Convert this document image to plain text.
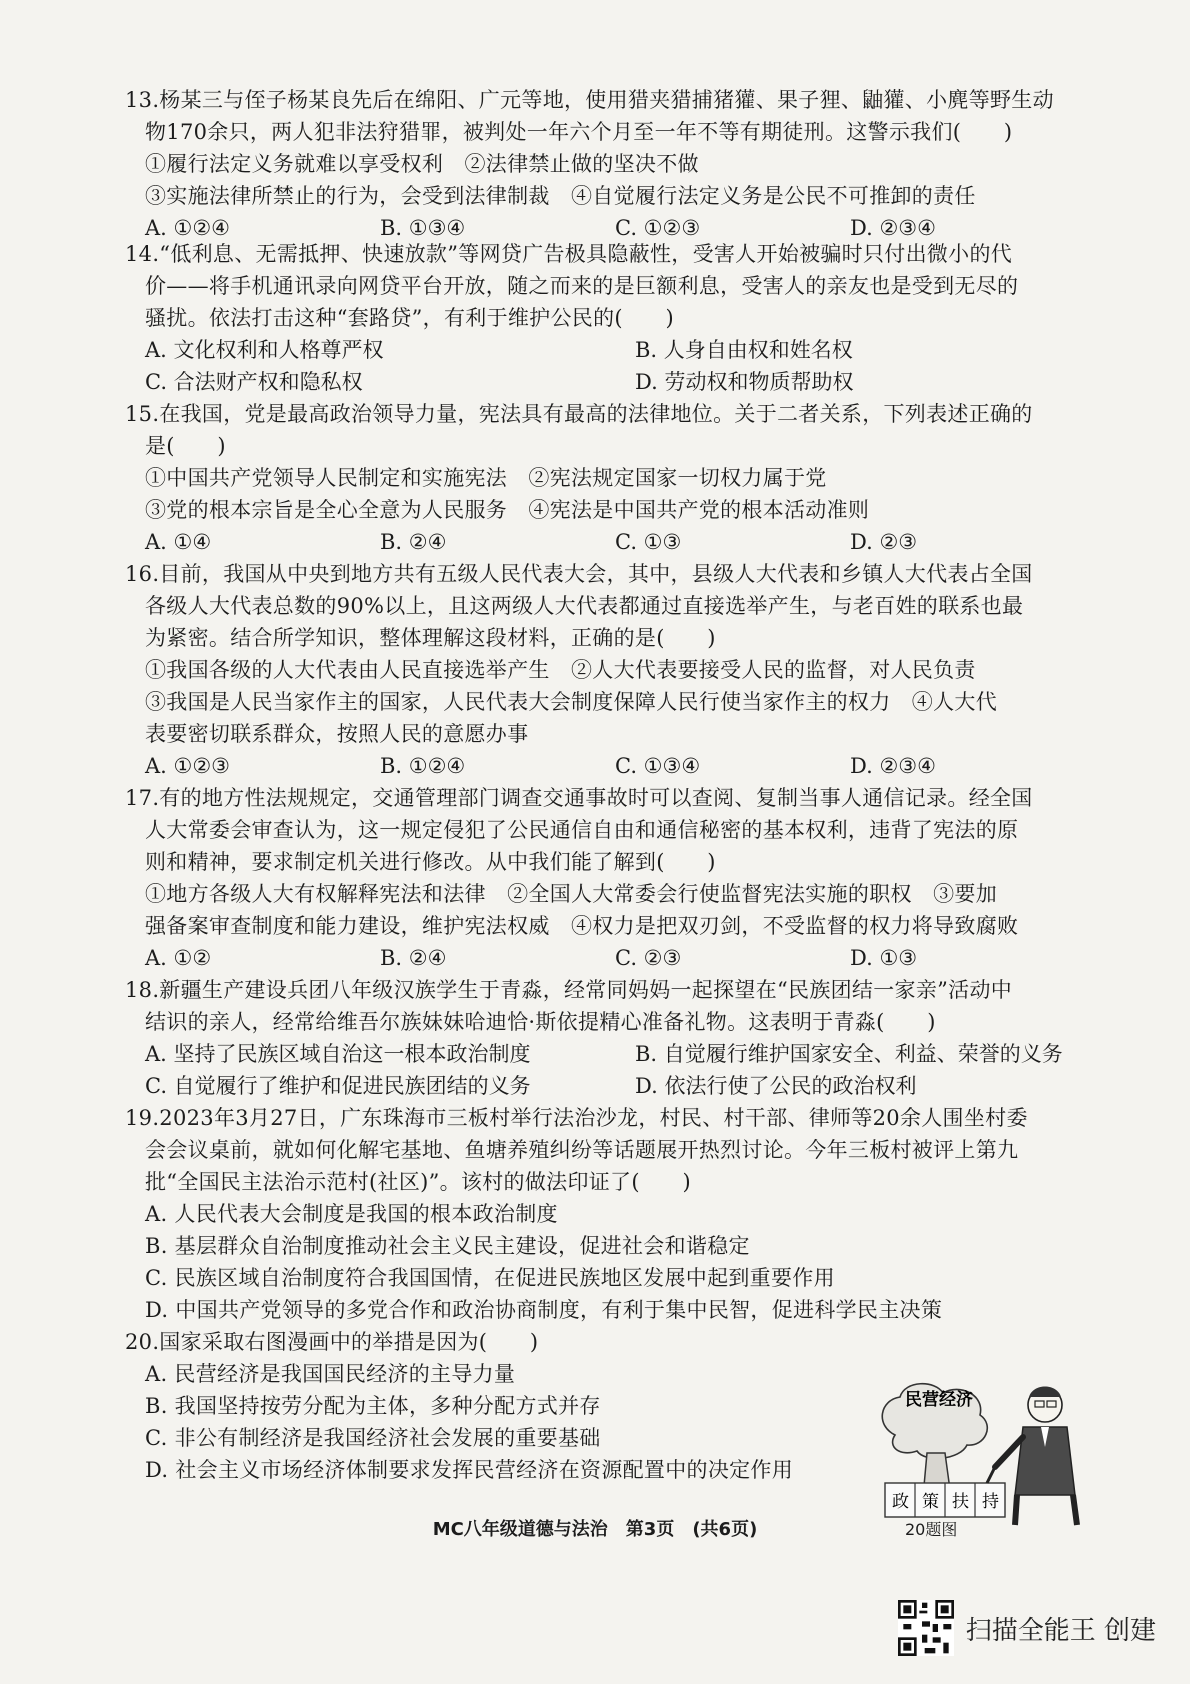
13.杨某三与侄子杨某良先后在绵阳、广元等地，使用猎夹猎捕猪獾、果子狸、鼬獾、小麂等野生动
物170余只，两人犯非法狩猎罪，被判处一年六个月至一年不等有期徒刑。这警示我们(　　)
①履行法定义务就难以享受权利　②法律禁止做的坚决不做
③实施法律所禁止的行为，会受到法律制裁　④自觉履行法定义务是公民不可推卸的责任
A. ①②④	B. ①③④	C. ①②③	D. ②③④
14.“低利息、无需抵押、快速放款”等网贷广告极具隐蔽性，受害人开始被骗时只付出微小的代
价——将手机通讯录向网贷平台开放，随之而来的是巨额利息，受害人的亲友也是受到无尽的
骚扰。依法打击这种“套路贷”，有利于维护公民的(　　)
A. 文化权利和人格尊严权	B. 人身自由权和姓名权
C. 合法财产权和隐私权	D. 劳动权和物质帮助权
15.在我国，党是最高政治领导力量，宪法具有最高的法律地位。关于二者关系，下列表述正确的
是(　　)
①中国共产党领导人民制定和实施宪法　②宪法规定国家一切权力属于党
③党的根本宗旨是全心全意为人民服务　④宪法是中国共产党的根本活动准则
A. ①④	B. ②④	C. ①③	D. ②③
16.目前，我国从中央到地方共有五级人民代表大会，其中，县级人大代表和乡镇人大代表占全国
各级人大代表总数的90%以上，且这两级人大代表都通过直接选举产生，与老百姓的联系也最
为紧密。结合所学知识，整体理解这段材料，正确的是(　　)
①我国各级的人大代表由人民直接选举产生　②人大代表要接受人民的监督，对人民负责
③我国是人民当家作主的国家，人民代表大会制度保障人民行使当家作主的权力　④人大代
表要密切联系群众，按照人民的意愿办事
A. ①②③	B. ①②④	C. ①③④	D. ②③④
17.有的地方性法规规定，交通管理部门调查交通事故时可以查阅、复制当事人通信记录。经全国
人大常委会审查认为，这一规定侵犯了公民通信自由和通信秘密的基本权利，违背了宪法的原
则和精神，要求制定机关进行修改。从中我们能了解到(　　)
①地方各级人大有权解释宪法和法律　②全国人大常委会行使监督宪法实施的职权　③要加
强备案审查制度和能力建设，维护宪法权威　④权力是把双刃剑，不受监督的权力将导致腐败
A. ①②	B. ②④	C. ②③	D. ①③
18.新疆生产建设兵团八年级汉族学生于青淼，经常同妈妈一起探望在“民族团结一家亲”活动中
结识的亲人，经常给维吾尔族妹妹哈迪恰·斯依提精心准备礼物。这表明于青淼(　　)
A. 坚持了民族区域自治这一根本政治制度	B. 自觉履行维护国家安全、利益、荣誉的义务
C. 自觉履行了维护和促进民族团结的义务	D. 依法行使了公民的政治权利
19.2023年3月27日，广东珠海市三板村举行法治沙龙，村民、村干部、律师等20余人围坐村委
会会议桌前，就如何化解宅基地、鱼塘养殖纠纷等话题展开热烈讨论。今年三板村被评上第九
批“全国民主法治示范村(社区)”。该村的做法印证了(　　)
A. 人民代表大会制度是我国的根本政治制度
B. 基层群众自治制度推动社会主义民主建设，促进社会和谐稳定
C. 民族区域自治制度符合我国国情，在促进民族地区发展中起到重要作用
D. 中国共产党领导的多党合作和政治协商制度，有利于集中民智，促进科学民主决策
20.国家采取右图漫画中的举措是因为(　　)
A. 民营经济是我国国民经济的主导力量
B. 我国坚持按劳分配为主体，多种分配方式并存
C. 非公有制经济是我国经济社会发展的重要基础
D. 社会主义市场经济体制要求发挥民营经济在资源配置中的决定作用
民营经济
政 策 扶 持
20题图
MC八年级道德与法治　第3页　(共6页)
扫描全能王 创建
